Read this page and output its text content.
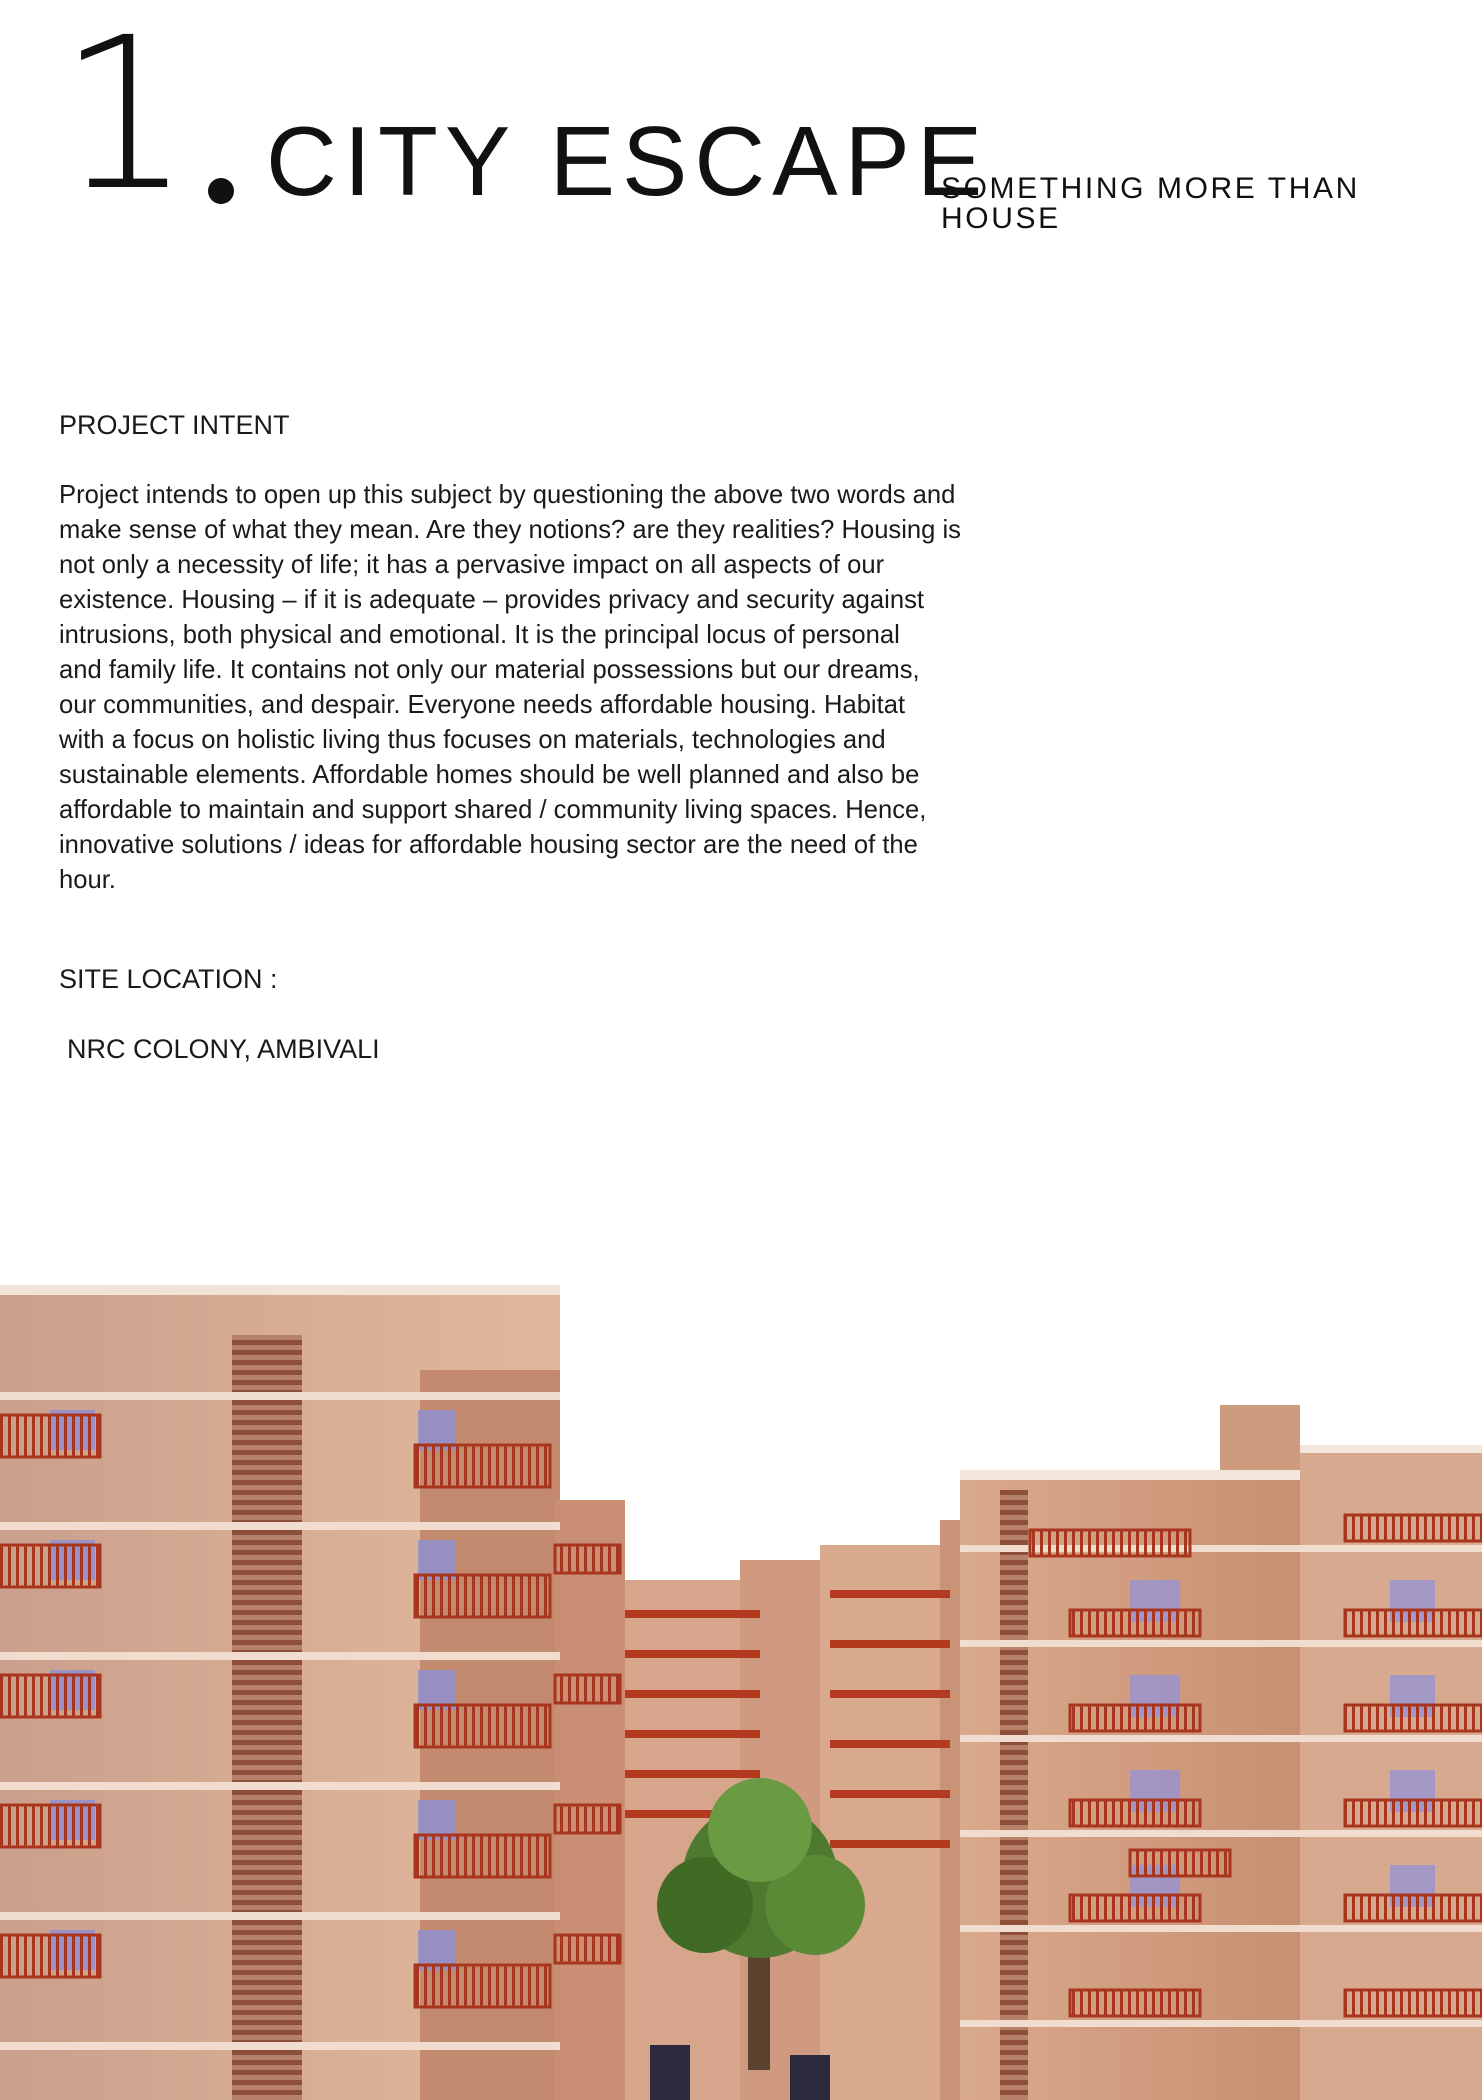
1 CITY ESCAPE
SOMETHING MORE THAN HOUSE
PROJECT INTENT
Project intends to open up this subject by questioning the above two words and
make sense of what they mean. Are they notions? are they realities? Housing is
not only a necessity of life; it has a pervasive impact on all aspects of our
existence. Housing – if it is adequate – provides privacy and security against
intrusions, both physical and emotional. It is the principal locus of personal
and family life. It contains not only our material possessions but our dreams,
our communities, and despair. Everyone needs affordable housing. Habitat
with a focus on holistic living thus focuses on materials, technologies and
sustainable elements. Affordable homes should be well planned and also be
affordable to maintain and support shared / community living spaces. Hence,
innovative solutions / ideas for affordable housing sector are the need of the
hour.
SITE LOCATION :
NRC COLONY, AMBIVALI
